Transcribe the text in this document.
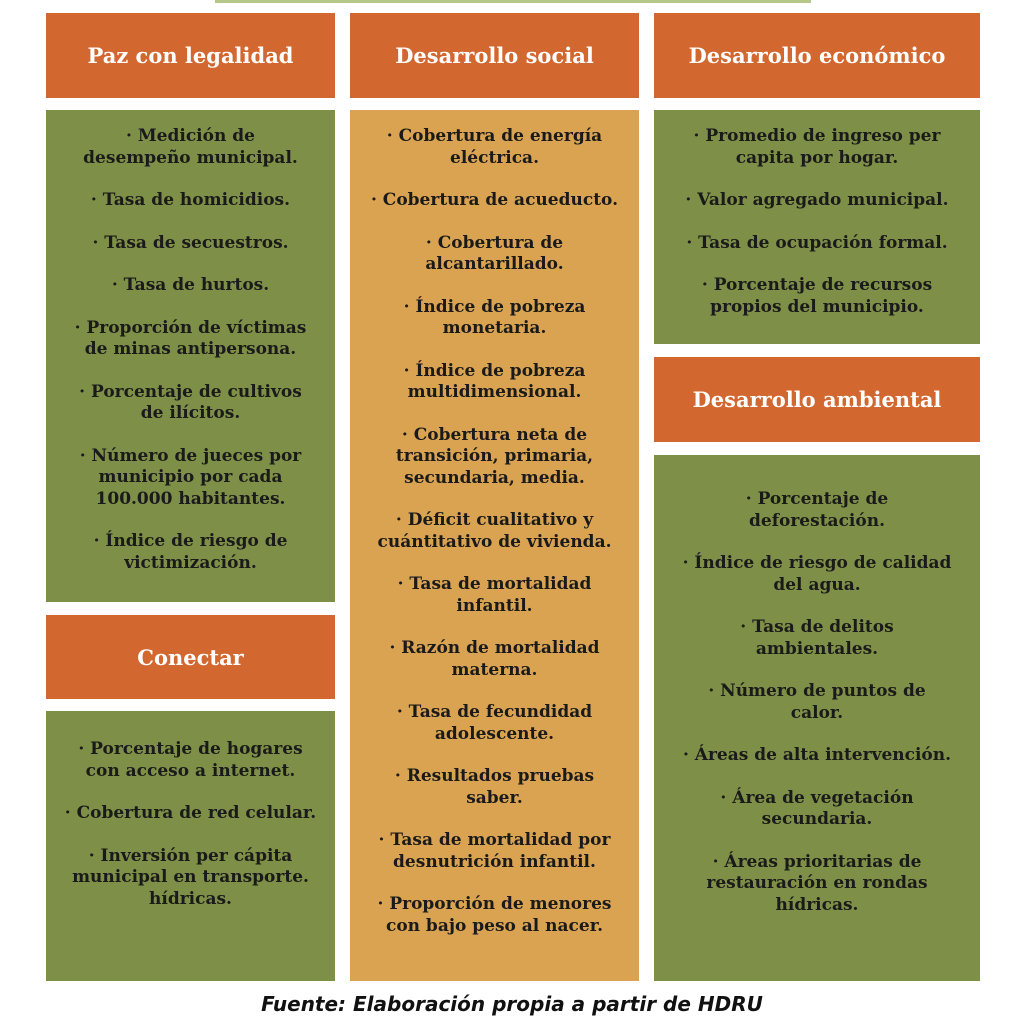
Paz con legalidad
· Medición de desempeño municipal.
· Tasa de homicidios.
· Tasa de secuestros.
· Tasa de hurtos.
· Proporción de víctimas de minas antipersona.
· Porcentaje de cultivos de ilícitos.
· Número de jueces por municipio por cada 100.000 habitantes.
· Índice de riesgo de victimización.
Conectar
· Porcentaje de hogares con acceso a internet.
· Cobertura de red celular.
· Inversión per cápita municipal en transporte. hídricas.
Desarrollo social
· Cobertura de energía eléctrica.
· Cobertura de acueducto.
· Cobertura de alcantarillado.
· Índice de pobreza monetaria.
· Índice de pobreza multidimensional.
· Cobertura neta de transición, primaria, secundaria, media.
· Déficit cualitativo y cuántitativo de vivienda.
· Tasa de mortalidad infantil.
· Razón de mortalidad materna.
· Tasa de fecundidad adolescente.
· Resultados pruebas saber.
· Tasa de mortalidad por desnutrición infantil.
· Proporción de menores con bajo peso al nacer.
Desarrollo económico
· Promedio de ingreso per capita por hogar.
· Valor agregado municipal.
· Tasa de ocupación formal.
· Porcentaje de recursos propios del municipio.
Desarrollo ambiental
· Porcentaje de deforestación.
· Índice de riesgo de calidad del agua.
· Tasa de delitos ambientales.
· Número de puntos de calor.
· Áreas de alta intervención.
· Área de vegetación secundaria.
· Áreas prioritarias de restauración en rondas hídricas.
Fuente: Elaboración propia a partir de HDRU
